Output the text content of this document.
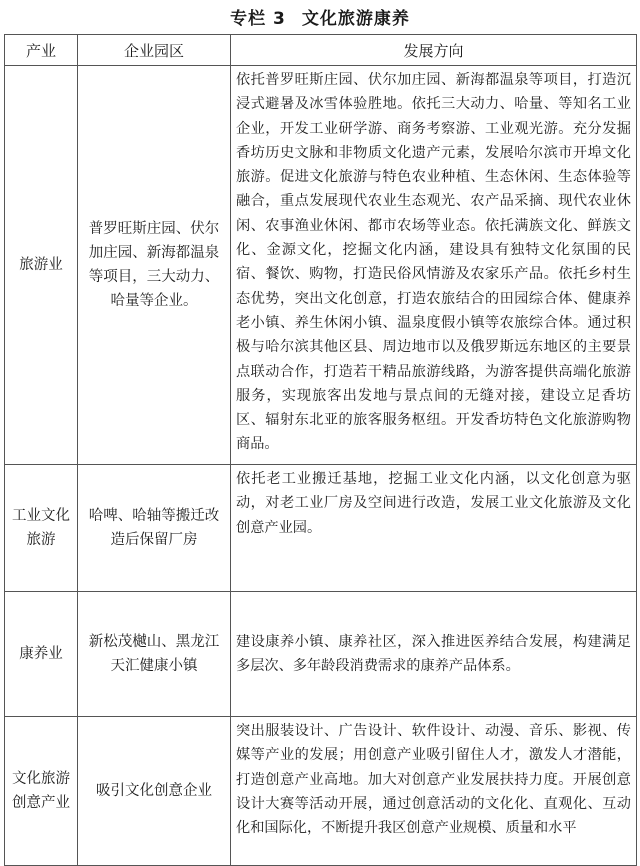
专栏 3 文化旅游康养
产业	企业园区	发展方向
旅游业	普罗旺斯庄园、伏尔加庄园、新海都温泉等项目，三大动力、哈量等企业。	依托普罗旺斯庄园、伏尔加庄园、新海都温泉等项目，打造沉浸式避暑及冰雪体验胜地。依托三大动力、哈量、等知名工业企业，开发工业研学游、商务考察游、工业观光游。充分发掘香坊历史文脉和非物质文化遗产元素，发展哈尔滨市开埠文化旅游。促进文化旅游与特色农业种植、生态休闲、生态体验等融合，重点发展现代农业生态观光、农产品采摘、现代农业休闲、农事渔业休闲、都市农场等业态。依托满族文化、鲜族文化、金源文化，挖掘文化内涵，建设具有独特文化氛围的民宿、餐饮、购物，打造民俗风情游及农家乐产品。依托乡村生态优势，突出文化创意，打造农旅结合的田园综合体、健康养老小镇、养生休闲小镇、温泉度假小镇等农旅综合体。通过积极与哈尔滨其他区县、周边地市以及俄罗斯远东地区的主要景点联动合作，打造若干精品旅游线路，为游客提供高端化旅游服务，实现旅客出发地与景点间的无缝对接，建设立足香坊区、辐射东北亚的旅客服务枢纽。开发香坊特色文化旅游购物商品。
工业文化旅游	哈啤、哈轴等搬迁改造后保留厂房	依托老工业搬迁基地，挖掘工业文化内涵，以文化创意为驱动，对老工业厂房及空间进行改造，发展工业文化旅游及文化创意产业园。
康养业	新松茂樾山、黑龙江天汇健康小镇	建设康养小镇、康养社区，深入推进医养结合发展，构建满足多层次、多年龄段消费需求的康养产品体系。
文化旅游创意产业	吸引文化创意企业	突出服装设计、广告设计、软件设计、动漫、音乐、影视、传媒等产业的发展；用创意产业吸引留住人才，激发人才潜能，打造创意产业高地。加大对创意产业发展扶持力度。开展创意设计大赛等活动开展，通过创意活动的文化化、直观化、互动化和国际化，不断提升我区创意产业规模、质量和水平
